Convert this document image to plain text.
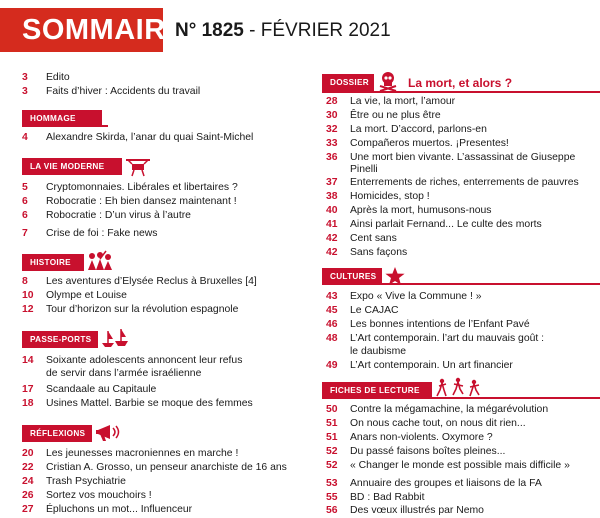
SOMMAIRE
N° 1825 - FÉVRIER 2021
3	Edito
3	Faits d’hiver : Accidents du travail
HOMMAGE
4	Alexandre Skirda, l’anar du quai Saint-Michel
LA VIE MODERNE
5	Cryptomonnaies. Libérales et libertaires ?
6	Robocratie : Eh bien dansez maintenant !
6	Robocratie : D’un virus à l’autre
7	Crise de foi : Fake news
HISTOIRE
8	Les aventures d’Elysée Reclus à Bruxelles [4]
10	Olympe et Louise
12	Tour d’horizon sur la révolution espagnole
PASSE-PORTS
14	Soixante adolescents annoncent leur refus
de servir dans l’armée israélienne
17	Scandaale au Capitaule
18	Usines Mattel. Barbie se moque des femmes
RÉFLEXIONS
20	Les jeunesses macroniennes en marche !
22	Cristian A. Grosso, un penseur anarchiste de 16 ans
24	Trash Psychiatrie
26	Sortez vos mouchoirs !
27	Épluchons un mot... Influenceur
DOSSIER	La mort, et alors ?
28	La vie, la mort, l’amour
30	Être ou ne plus être
32	La mort. D’accord, parlons-en
33	Compañeros muertos. ¡Presentes!
36	Une mort bien vivante. L’assassinat de Giuseppe
Pinelli
37	Enterrements de riches, enterrements de pauvres
38	Homicides, stop !
40	Après la mort, humusons-nous
41	Ainsi parlait Fernand... Le culte des morts
42	Cent sans
42	Sans façons
CULTURES
43	Expo « Vive la Commune ! »
45	Le CAJAC
46	Les bonnes intentions de l’Enfant Pavé
48	L’Art contemporain. l’art du mauvais goût :
le daubisme
49	L’Art contemporain. Un art financier
FICHES DE LECTURE
50	Contre la mégamachine, la mégarévolution
51	On nous cache tout, on nous dit rien...
51	Anars non-violents. Oxymore ?
52	Du passé faisons boîtes pleines...
52	« Changer le monde est possible mais difficile »
53	Annuaire des groupes et liaisons de la FA
55	BD : Bad Rabbit
56	Des vœux illustrés par Nemo
